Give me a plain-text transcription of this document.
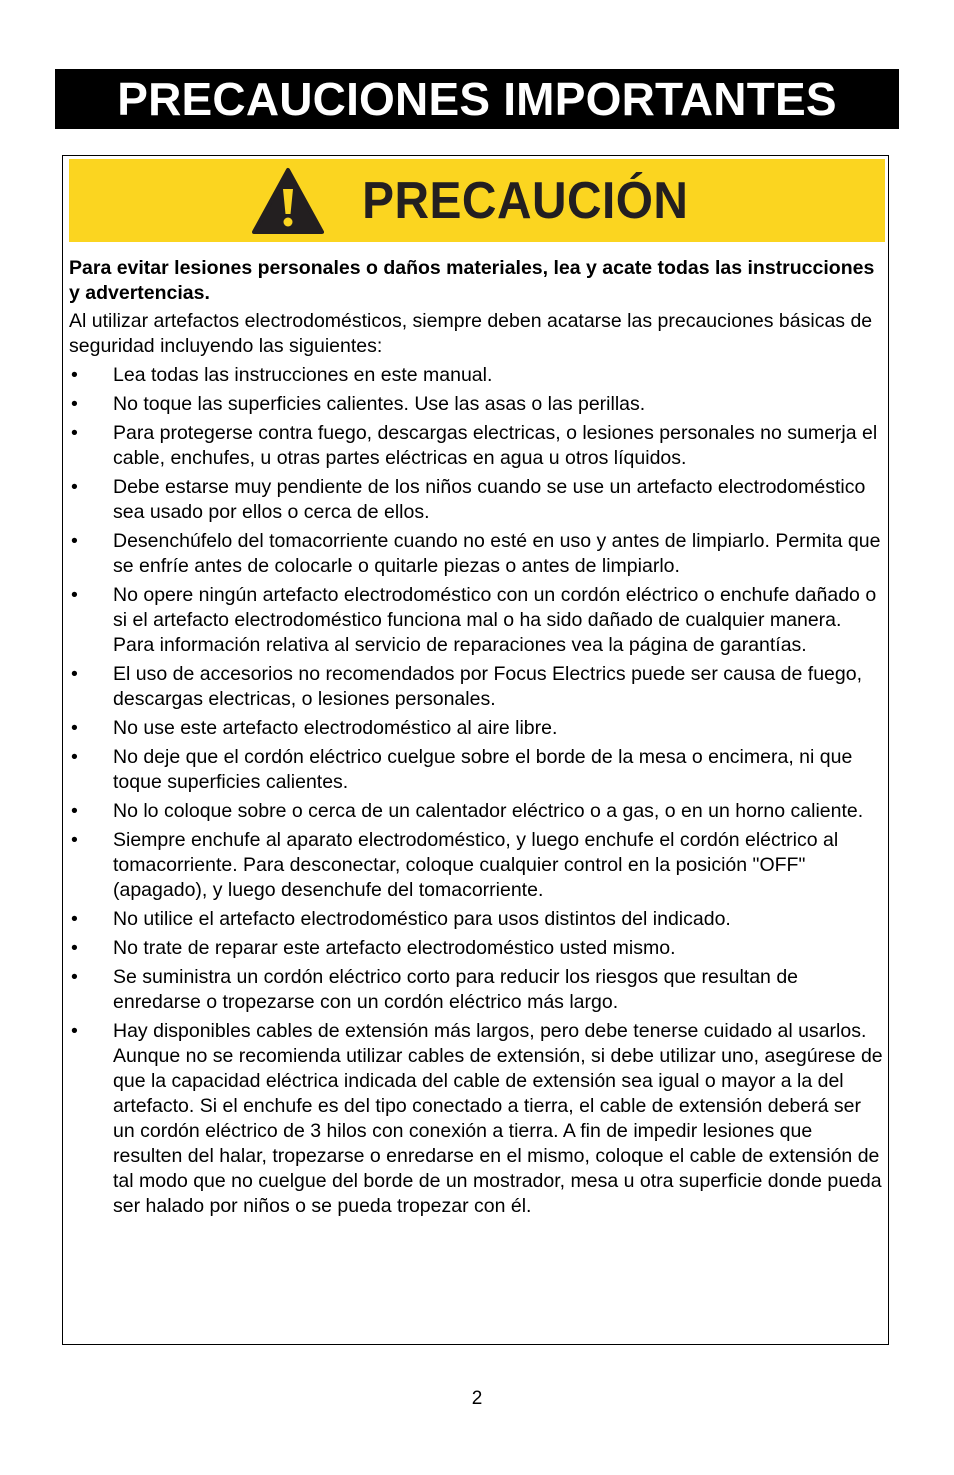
PRECAUCIONES IMPORTANTES
PRECAUCIÓN

Para evitar lesiones personales o daños materiales, lea y acate todas las instrucciones y advertencias.

Al utilizar artefactos electrodomésticos, siempre deben acatarse las precauciones básicas de seguridad incluyendo las siguientes:

• Lea todas las instrucciones en este manual.
• No toque las superficies calientes. Use las asas o las perillas.
• Para protegerse contra fuego, descargas electricas, o lesiones personales no sumerja el cable, enchufes, u otras partes eléctricas en agua u otros líquidos.
• Debe estarse muy pendiente de los niños cuando se use un artefacto electrodoméstico sea usado por ellos o cerca de ellos.
• Desenchúfelo del tomacorriente cuando no esté en uso y antes de limpiarlo. Permita que se enfríe antes de colocarle o quitarle piezas o antes de limpiarlo.
• No opere ningún artefacto electrodoméstico con un cordón eléctrico o enchufe dañado o si el artefacto electrodoméstico funciona mal o ha sido dañado de cualquier manera. Para información relativa al servicio de reparaciones vea la página de garantías.
• El uso de accesorios no recomendados por Focus Electrics puede ser causa de fuego, descargas electricas, o lesiones personales.
• No use este artefacto electrodoméstico al aire libre.
• No deje que el cordón eléctrico cuelgue sobre el borde de la mesa o encimera, ni que toque superficies calientes.
• No lo coloque sobre o cerca de un calentador eléctrico o a gas, o en un horno caliente.
• Siempre enchufe al aparato electrodoméstico, y luego enchufe el cordón eléctrico al tomacorriente. Para desconectar, coloque cualquier control en la posición "OFF" (apagado), y luego desenchufe del tomacorriente.
• No utilice el artefacto electrodoméstico para usos distintos del indicado.
• No trate de reparar este artefacto electrodoméstico usted mismo.
• Se suministra un cordón eléctrico corto para reducir los riesgos que resultan de enredarse o tropezarse con un cordón eléctrico más largo.
• Hay disponibles cables de extensión más largos, pero debe tenerse cuidado al usarlos. Aunque no se recomienda utilizar cables de extensión, si debe utilizar uno, asegúrese de que la capacidad eléctrica indicada del cable de extensión sea igual o mayor a la del artefacto. Si el enchufe es del tipo conectado a tierra, el cable de extensión deberá ser un cordón eléctrico de 3 hilos con conexión a tierra. A fin de impedir lesiones que resulten del halar, tropezarse o enredarse en el mismo, coloque el cable de extensión de tal modo que no cuelgue del borde de un mostrador, mesa u otra superficie donde pueda ser halado por niños o se pueda tropezar con él.
2
